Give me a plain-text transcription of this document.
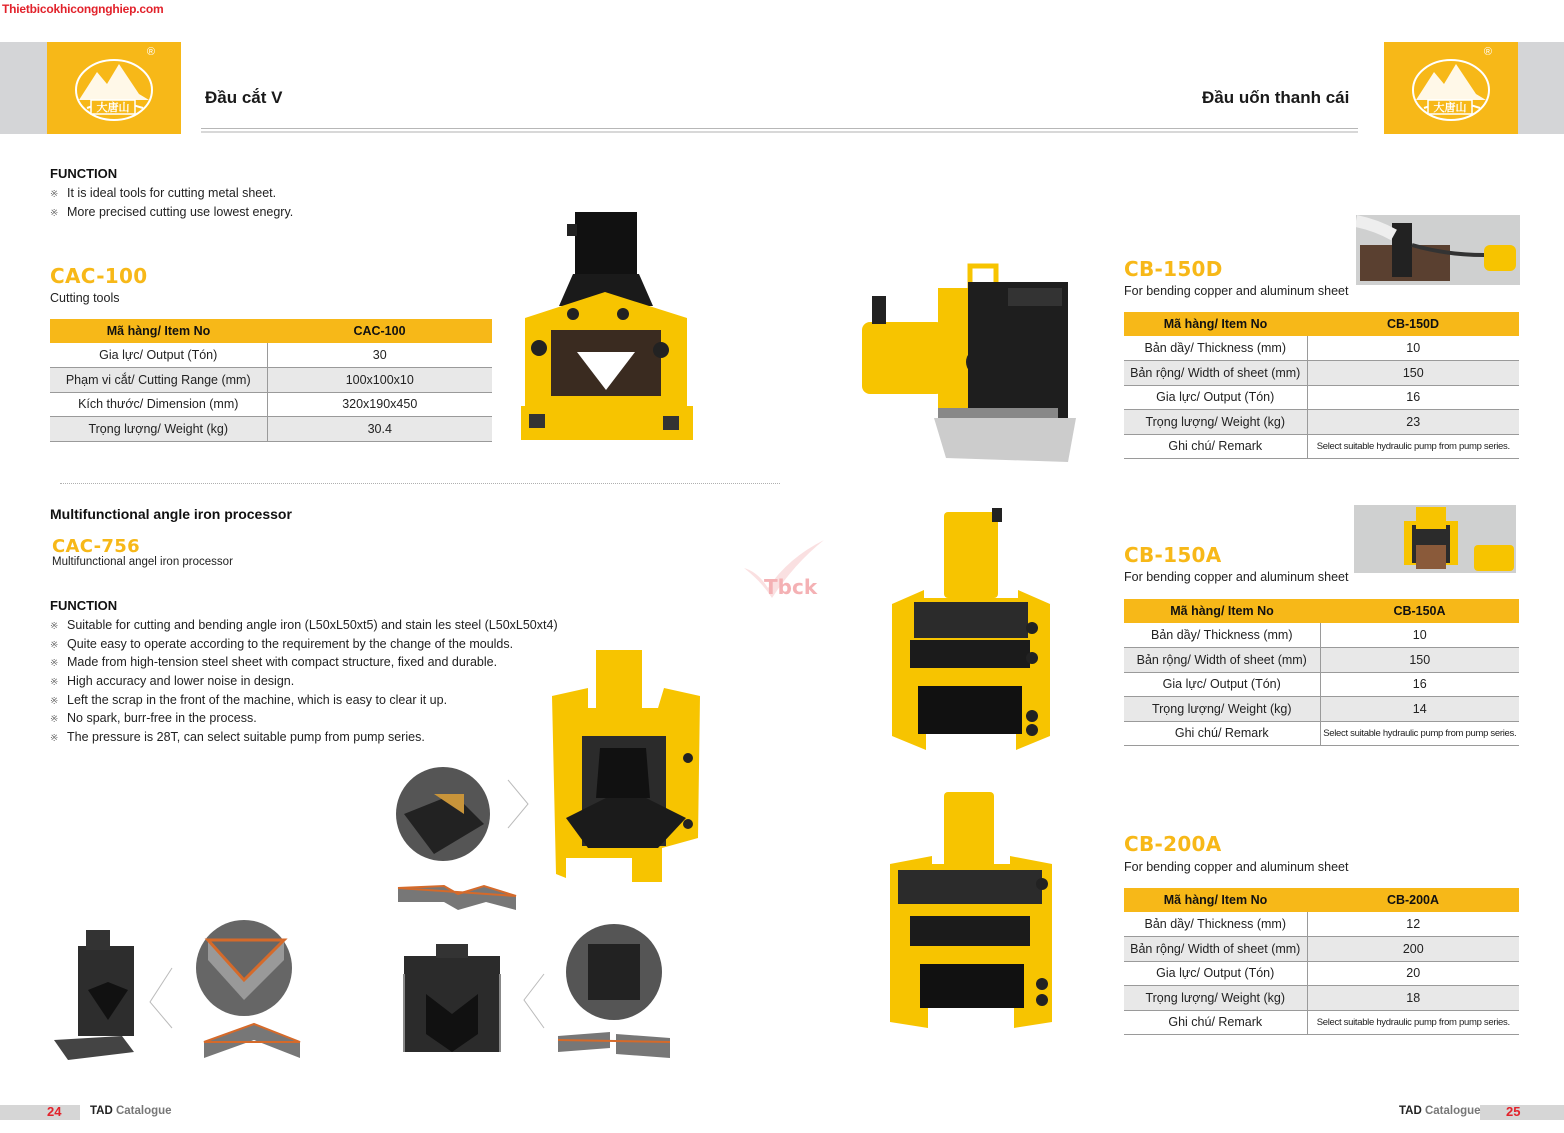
Thietbicokhicongnghiep.com
®
大唐山
®
大唐山
Đầu cắt V	Đầu uốn thanh cái
FUNCTION
※ It is ideal tools for cutting metal sheet.
※ More precised cutting use lowest enegry.
CAC-100
Cutting tools
Mã hàng/ Item No	CAC-100
Gia lực/ Output (Tón)	30
Phạm vi cắt/ Cutting Range (mm)	100x100x10
Kích thước/ Dimension (mm)	320x190x450
Trọng lượng/ Weight (kg)	30.4
Multifunctional angle iron processor
CAC-756
Multifunctional angel iron processor
FUNCTION
※ Suitable for cutting and bending angle iron (L50xL50xt5) and stain les steel (L50xL50xt4)
※ Quite easy to operate according to the requirement by the change of the moulds.
※ Made from high-tension steel sheet with compact structure, fixed and durable.
※ High accuracy and lower noise in design.
※ Left the scrap in the front of the machine, which is easy to clear it up.
※ No spark, burr-free in the process.
※ The pressure is 28T, can select suitable pump from pump series.
Tbck
24 TAD Catalogue
CB-150D
For bending copper and aluminum sheet
Mã hàng/ Item No	CB-150D
Bản dầy/ Thickness (mm)	10
Bản rộng/ Width of sheet (mm)	150
Gia lực/ Output (Tón)	16
Trọng lượng/ Weight (kg)	23
Ghi chú/ Remark	Select suitable hydraulic pump from pump series.
CB-150A
For bending copper and aluminum sheet
Mã hàng/ Item No	CB-150A
Bản dầy/ Thickness (mm)	10
Bản rộng/ Width of sheet (mm)	150
Gia lực/ Output (Tón)	16
Trọng lượng/ Weight (kg)	14
Ghi chú/ Remark	Select suitable hydraulic pump from pump series.
CB-200A
For bending copper and aluminum sheet
Mã hàng/ Item No	CB-200A
Bản dầy/ Thickness (mm)	12
Bản rộng/ Width of sheet (mm)	200
Gia lực/ Output (Tón)	20
Trọng lượng/ Weight (kg)	18
Ghi chú/ Remark	Select suitable hydraulic pump from pump series.
TAD Catalogue 25
